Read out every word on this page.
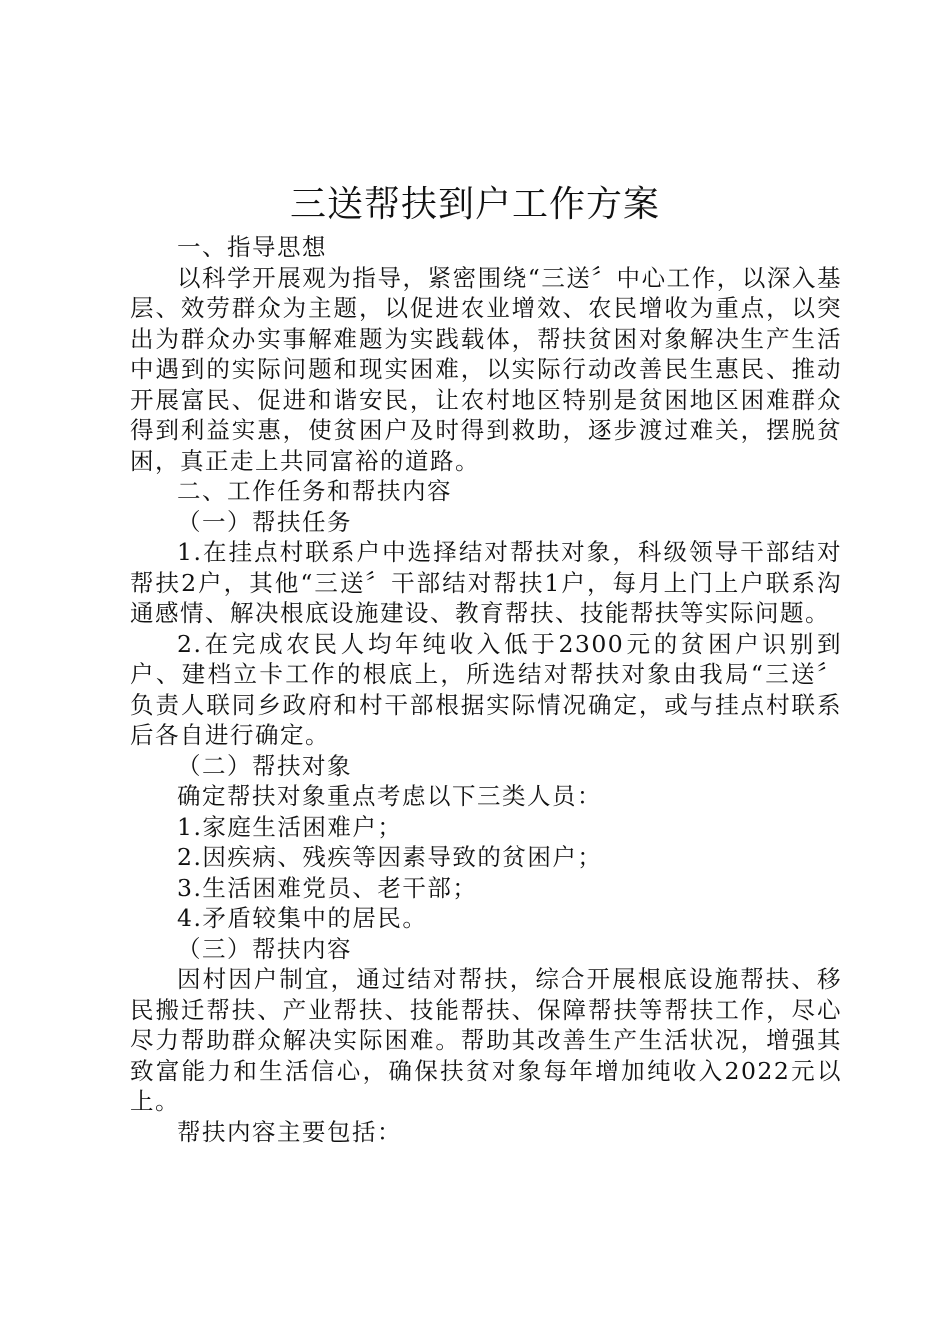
三送帮扶到户工作方案

一、指导思想

以科学开展观为指导，紧密围绕“三送〞中心工作，以深入基层、效劳群众为主题，以促进农业增效、农民增收为重点，以突出为群众办实事解难题为实践载体，帮扶贫困对象解决生产生活中遇到的实际问题和现实困难，以实际行动改善民生惠民、推动开展富民、促进和谐安民，让农村地区特别是贫困地区困难群众得到利益实惠，使贫困户及时得到救助，逐步渡过难关，摆脱贫困，真正走上共同富裕的道路。

二、工作任务和帮扶内容

（一）帮扶任务

1.在挂点村联系户中选择结对帮扶对象，科级领导干部结对帮扶2户，其他“三送〞干部结对帮扶1户，每月上门上户联系沟通感情、解决根底设施建设、教育帮扶、技能帮扶等实际问题。

2.在完成农民人均年纯收入低于2300元的贫困户识别到户、建档立卡工作的根底上，所选结对帮扶对象由我局“三送〞负责人联同乡政府和村干部根据实际情况确定，或与挂点村联系后各自进行确定。

（二）帮扶对象

确定帮扶对象重点考虑以下三类人员：

1.家庭生活困难户；

2.因疾病、残疾等因素导致的贫困户；

3.生活困难党员、老干部；

4.矛盾较集中的居民。

（三）帮扶内容

因村因户制宜，通过结对帮扶，综合开展根底设施帮扶、移民搬迁帮扶、产业帮扶、技能帮扶、保障帮扶等帮扶工作，尽心尽力帮助群众解决实际困难。帮助其改善生产生活状况，增强其致富能力和生活信心，确保扶贫对象每年增加纯收入2022元以上。

帮扶内容主要包括：
